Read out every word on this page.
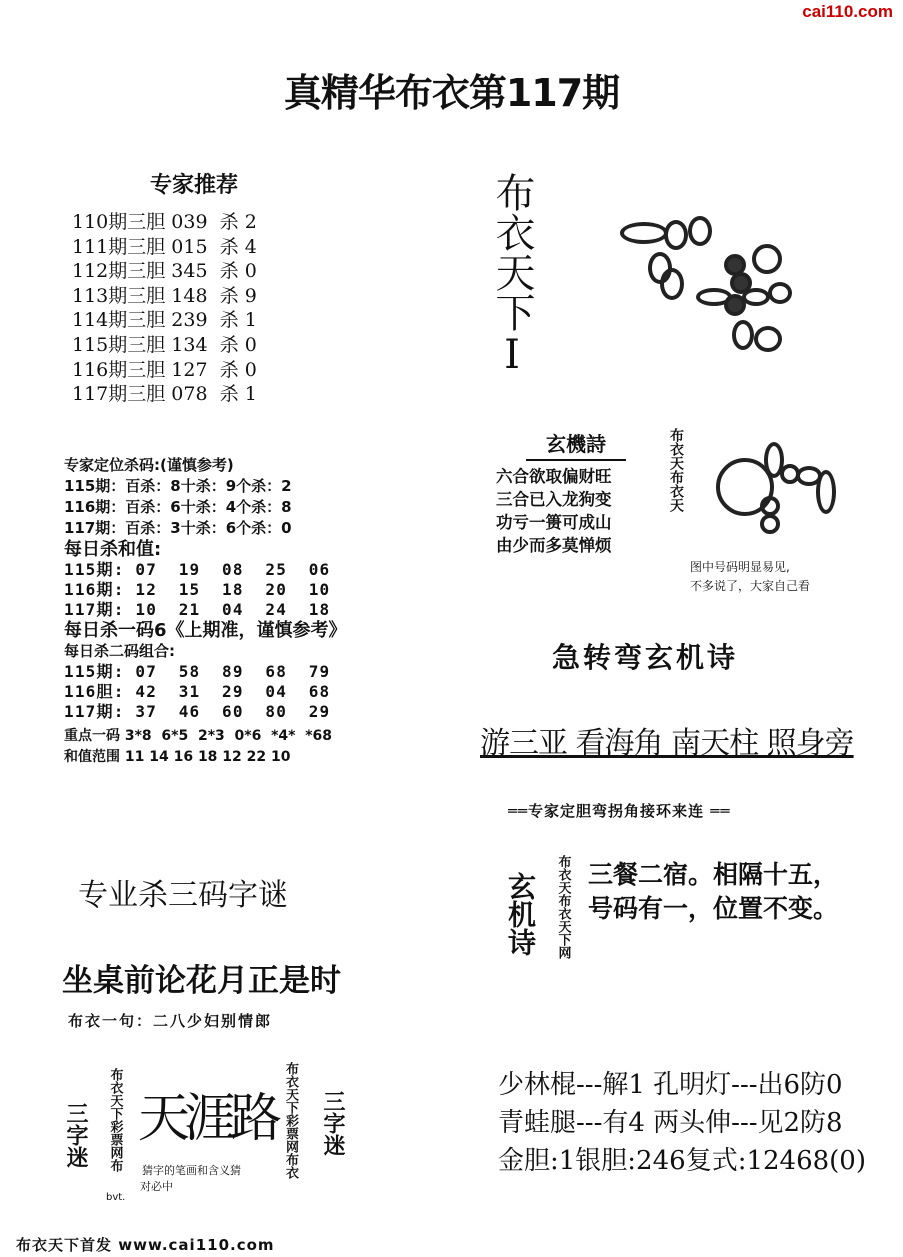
cai110.com
真精华布衣第117期
专家推荐
110期三胆 039  杀 2
111期三胆 015  杀 4
112期三胆 345  杀 0
113期三胆 148  杀 9
114期三胆 239  杀 1
115期三胆 134  杀 0
116期三胆 127  杀 0
117期三胆 078  杀 1
专家定位杀码:(谨慎参考)
115期：百杀：8十杀：9个杀：2
116期：百杀：6十杀：4个杀：8
117期：百杀：3十杀：6个杀：0
每日杀和值:
115期: 07  19  08  25  06
116期: 12  15  18  20  10
117期: 10  21  04  24  18
每日杀一码6《上期准，谨慎参考》
每日杀二码组合:
115期: 07  58  89  68  79
116胆: 42  31  29  04  68
117期: 37  46  60  80  29
重点一码 3*8  6*5  2*3  0*6  *4*  *68
和值范围 11 14 16 18 12 22 10
布衣天下I
玄機詩
六合欲取偏财旺
三合已入龙狗变
功亏一篑可成山
由少而多莫惮烦
布衣天布衣天
图中号码明显易见,
不多说了，大家自己看
急转弯玄机诗
游三亚 看海角 南天柱 照身旁
══专家定胆弯拐角接环来连 ══
玄机诗 布衣天布衣天下网 三餐二宿。相隔十五，
号码有一，位置不变。
少林棍---解1 孔明灯---出6防0
青蛙腿---有4 两头伸---见2防8
金胆:1银胆:246复式:12468(0)
专业杀三码字谜
坐桌前论花月正是时
布衣一句：二八少妇别情郎
三字迷 布衣天下彩票网布
bvt.
天涯路
猜字的笔画和含义猜
对必中
布衣天下彩票网布衣 三字迷
布衣天下首发 www.cai110.com
